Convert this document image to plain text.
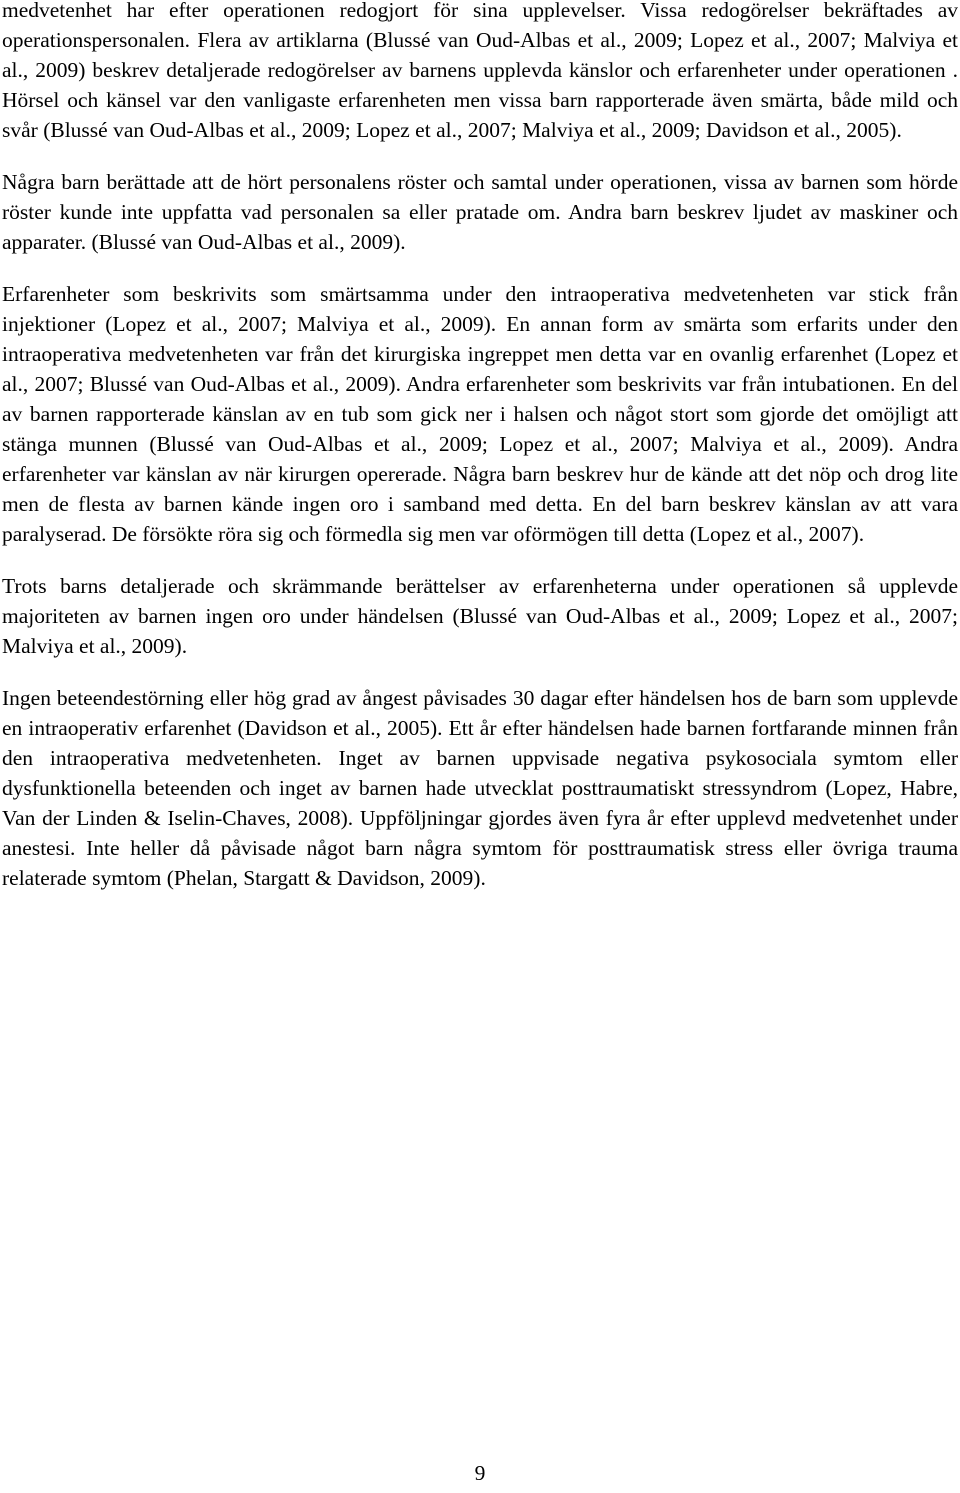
medvetenhet har efter operationen redogjort för sina upplevelser. Vissa redogörelser bekräftades av operationspersonalen. Flera av artiklarna (Blussé van Oud-Albas et al., 2009; Lopez et al., 2007; Malviya et al., 2009) beskrev detaljerade redogörelser av barnens upplevda känslor och erfarenheter under operationen . Hörsel och känsel var den vanligaste erfarenheten men vissa barn rapporterade även smärta, både mild och svår (Blussé van Oud-Albas et al., 2009; Lopez et al., 2007; Malviya et al., 2009; Davidson et al., 2005).

Några barn berättade att de hört personalens röster och samtal under operationen, vissa av barnen som hörde röster kunde inte uppfatta vad personalen sa eller pratade om. Andra barn beskrev ljudet av maskiner och apparater. (Blussé van Oud-Albas et al., 2009).

Erfarenheter som beskrivits som smärtsamma under den intraoperativa medvetenheten var stick från injektioner (Lopez et al., 2007; Malviya et al., 2009). En annan form av smärta som erfarits under den intraoperativa medvetenheten var från det kirurgiska ingreppet men detta var en ovanlig erfarenhet (Lopez et al., 2007; Blussé van Oud-Albas et al., 2009). Andra erfarenheter som beskrivits var från intubationen. En del av barnen rapporterade känslan av en tub som gick ner i halsen och något stort som gjorde det omöjligt att stänga munnen (Blussé van Oud-Albas et al., 2009; Lopez et al., 2007; Malviya et al., 2009). Andra erfarenheter var känslan av när kirurgen opererade. Några barn beskrev hur de kände att det nöp och drog lite men de flesta av barnen kände ingen oro i samband med detta. En del barn beskrev känslan av att vara paralyserad. De försökte röra sig och förmedla sig men var oförmögen till detta (Lopez et al., 2007).

Trots barns detaljerade och skrämmande berättelser av erfarenheterna under operationen så upplevde majoriteten av barnen ingen oro under händelsen (Blussé van Oud-Albas et al., 2009; Lopez et al., 2007; Malviya et al., 2009).

Ingen beteendestörning eller hög grad av ångest påvisades 30 dagar efter händelsen hos de barn som upplevde en intraoperativ erfarenhet (Davidson et al., 2005). Ett år efter händelsen hade barnen fortfarande minnen från den intraoperativa medvetenheten. Inget av barnen uppvisade negativa psykosociala symtom eller dysfunktionella beteenden och inget av barnen hade utvecklat posttraumatiskt stressyndrom (Lopez, Habre, Van der Linden & Iselin-Chaves, 2008). Uppföljningar gjordes även fyra år efter upplevd medvetenhet under anestesi. Inte heller då påvisade något barn några symtom för posttraumatisk stress eller övriga trauma relaterade symtom (Phelan, Stargatt & Davidson, 2009).

9
